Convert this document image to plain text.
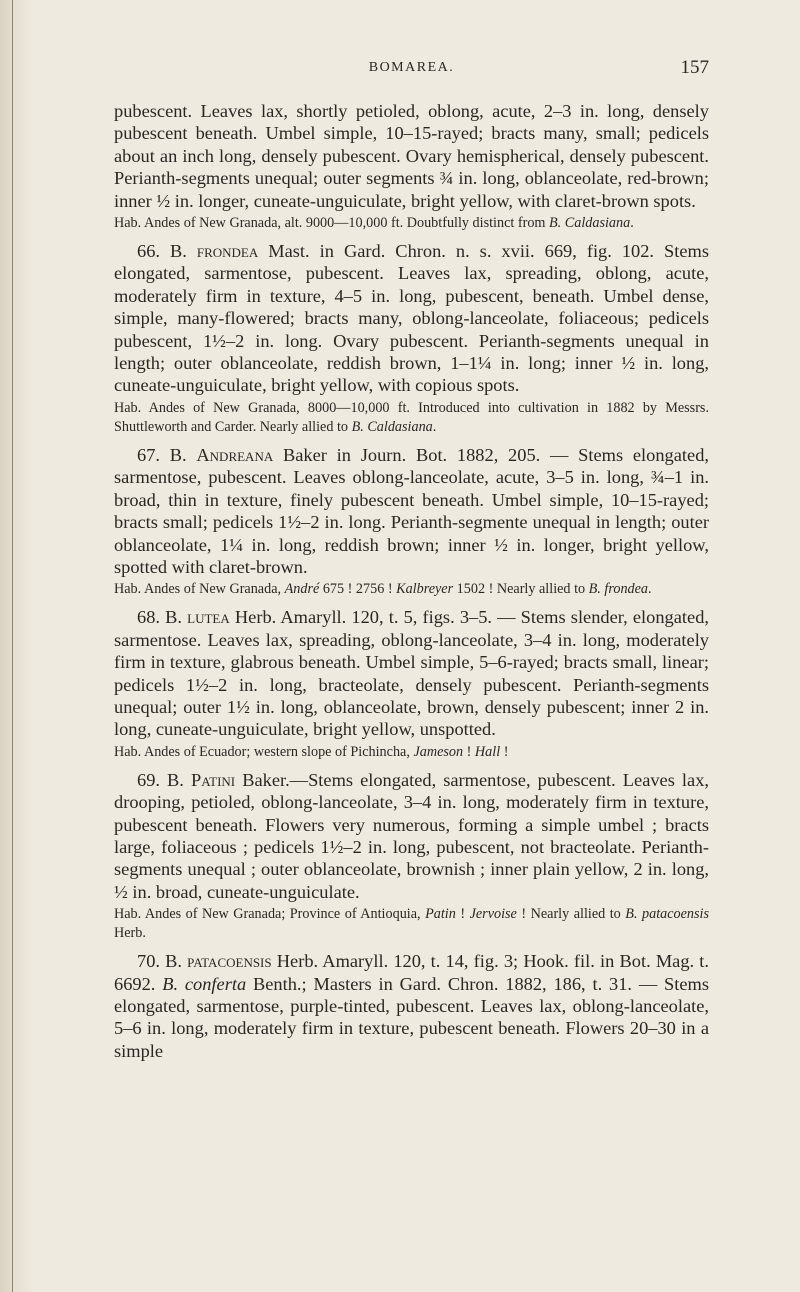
BOMAREA.	157

pubescent. Leaves lax, shortly petioled, oblong, acute, 2–3 in. long, densely pubescent beneath. Umbel simple, 10–15-rayed; bracts many, small; pedicels about an inch long, densely pubescent. Ovary hemispherical, densely pubescent. Perianth-segments unequal; outer segments ¾ in. long, oblanceolate, red-brown; inner ½ in. longer, cuneate-unguiculate, bright yellow, with claret-brown spots.

Hab. Andes of New Granada, alt. 9000—10,000 ft. Doubtfully distinct from B. Caldasiana.

66. B. frondea Mast. in Gard. Chron. n. s. xvii. 669, fig. 102. Stems elongated, sarmentose, pubescent. Leaves lax, spreading, oblong, acute, moderately firm in texture, 4–5 in. long, pubescent, beneath. Umbel dense, simple, many-flowered; bracts many, oblong-lanceolate, foliaceous; pedicels pubescent, 1½–2 in. long. Ovary pubescent. Perianth-segments unequal in length; outer oblanceolate, reddish brown, 1–1¼ in. long; inner ½ in. long, cuneate-unguiculate, bright yellow, with copious spots.

Hab. Andes of New Granada, 8000—10,000 ft. Introduced into cultivation in 1882 by Messrs. Shuttleworth and Carder. Nearly allied to B. Caldasiana.

67. B. Andreana Baker in Journ. Bot. 1882, 205. — Stems elongated, sarmentose, pubescent. Leaves oblong-lanceolate, acute, 3–5 in. long, ¾–1 in. broad, thin in texture, finely pubescent beneath. Umbel simple, 10–15-rayed; bracts small; pedicels 1½–2 in. long. Perianth-segmente unequal in length; outer oblanceolate, 1¼ in. long, reddish brown; inner ½ in. longer, bright yellow, spotted with claret-brown.

Hab. Andes of New Granada, André 675 ! 2756 ! Kalbreyer 1502 ! Nearly allied to B. frondea.

68. B. lutea Herb. Amaryll. 120, t. 5, figs. 3–5. — Stems slender, elongated, sarmentose. Leaves lax, spreading, oblong-lanceolate, 3–4 in. long, moderately firm in texture, glabrous beneath. Umbel simple, 5–6-rayed; bracts small, linear; pedicels 1½–2 in. long, bracteolate, densely pubescent. Perianth-segments unequal; outer 1½ in. long, oblanceolate, brown, densely pubescent; inner 2 in. long, cuneate-unguiculate, bright yellow, unspotted.

Hab. Andes of Ecuador; western slope of Pichincha, Jameson ! Hall !

69. B. Patini Baker.—Stems elongated, sarmentose, pubescent. Leaves lax, drooping, petioled, oblong-lanceolate, 3–4 in. long, moderately firm in texture, pubescent beneath. Flowers very numerous, forming a simple umbel ; bracts large, foliaceous ; pedicels 1½–2 in. long, pubescent, not bracteolate. Perianth-segments unequal ; outer oblanceolate, brownish ; inner plain yellow, 2 in. long, ½ in. broad, cuneate-unguiculate.

Hab. Andes of New Granada; Province of Antioquia, Patin ! Jervoise ! Nearly allied to B. patacoensis Herb.

70. B. patacoensis Herb. Amaryll. 120, t. 14, fig. 3; Hook. fil. in Bot. Mag. t. 6692. B. conferta Benth.; Masters in Gard. Chron. 1882, 186, t. 31. — Stems elongated, sarmentose, purple-tinted, pubescent. Leaves lax, oblong-lanceolate, 5–6 in. long, moderately firm in texture, pubescent beneath. Flowers 20–30 in a simple
